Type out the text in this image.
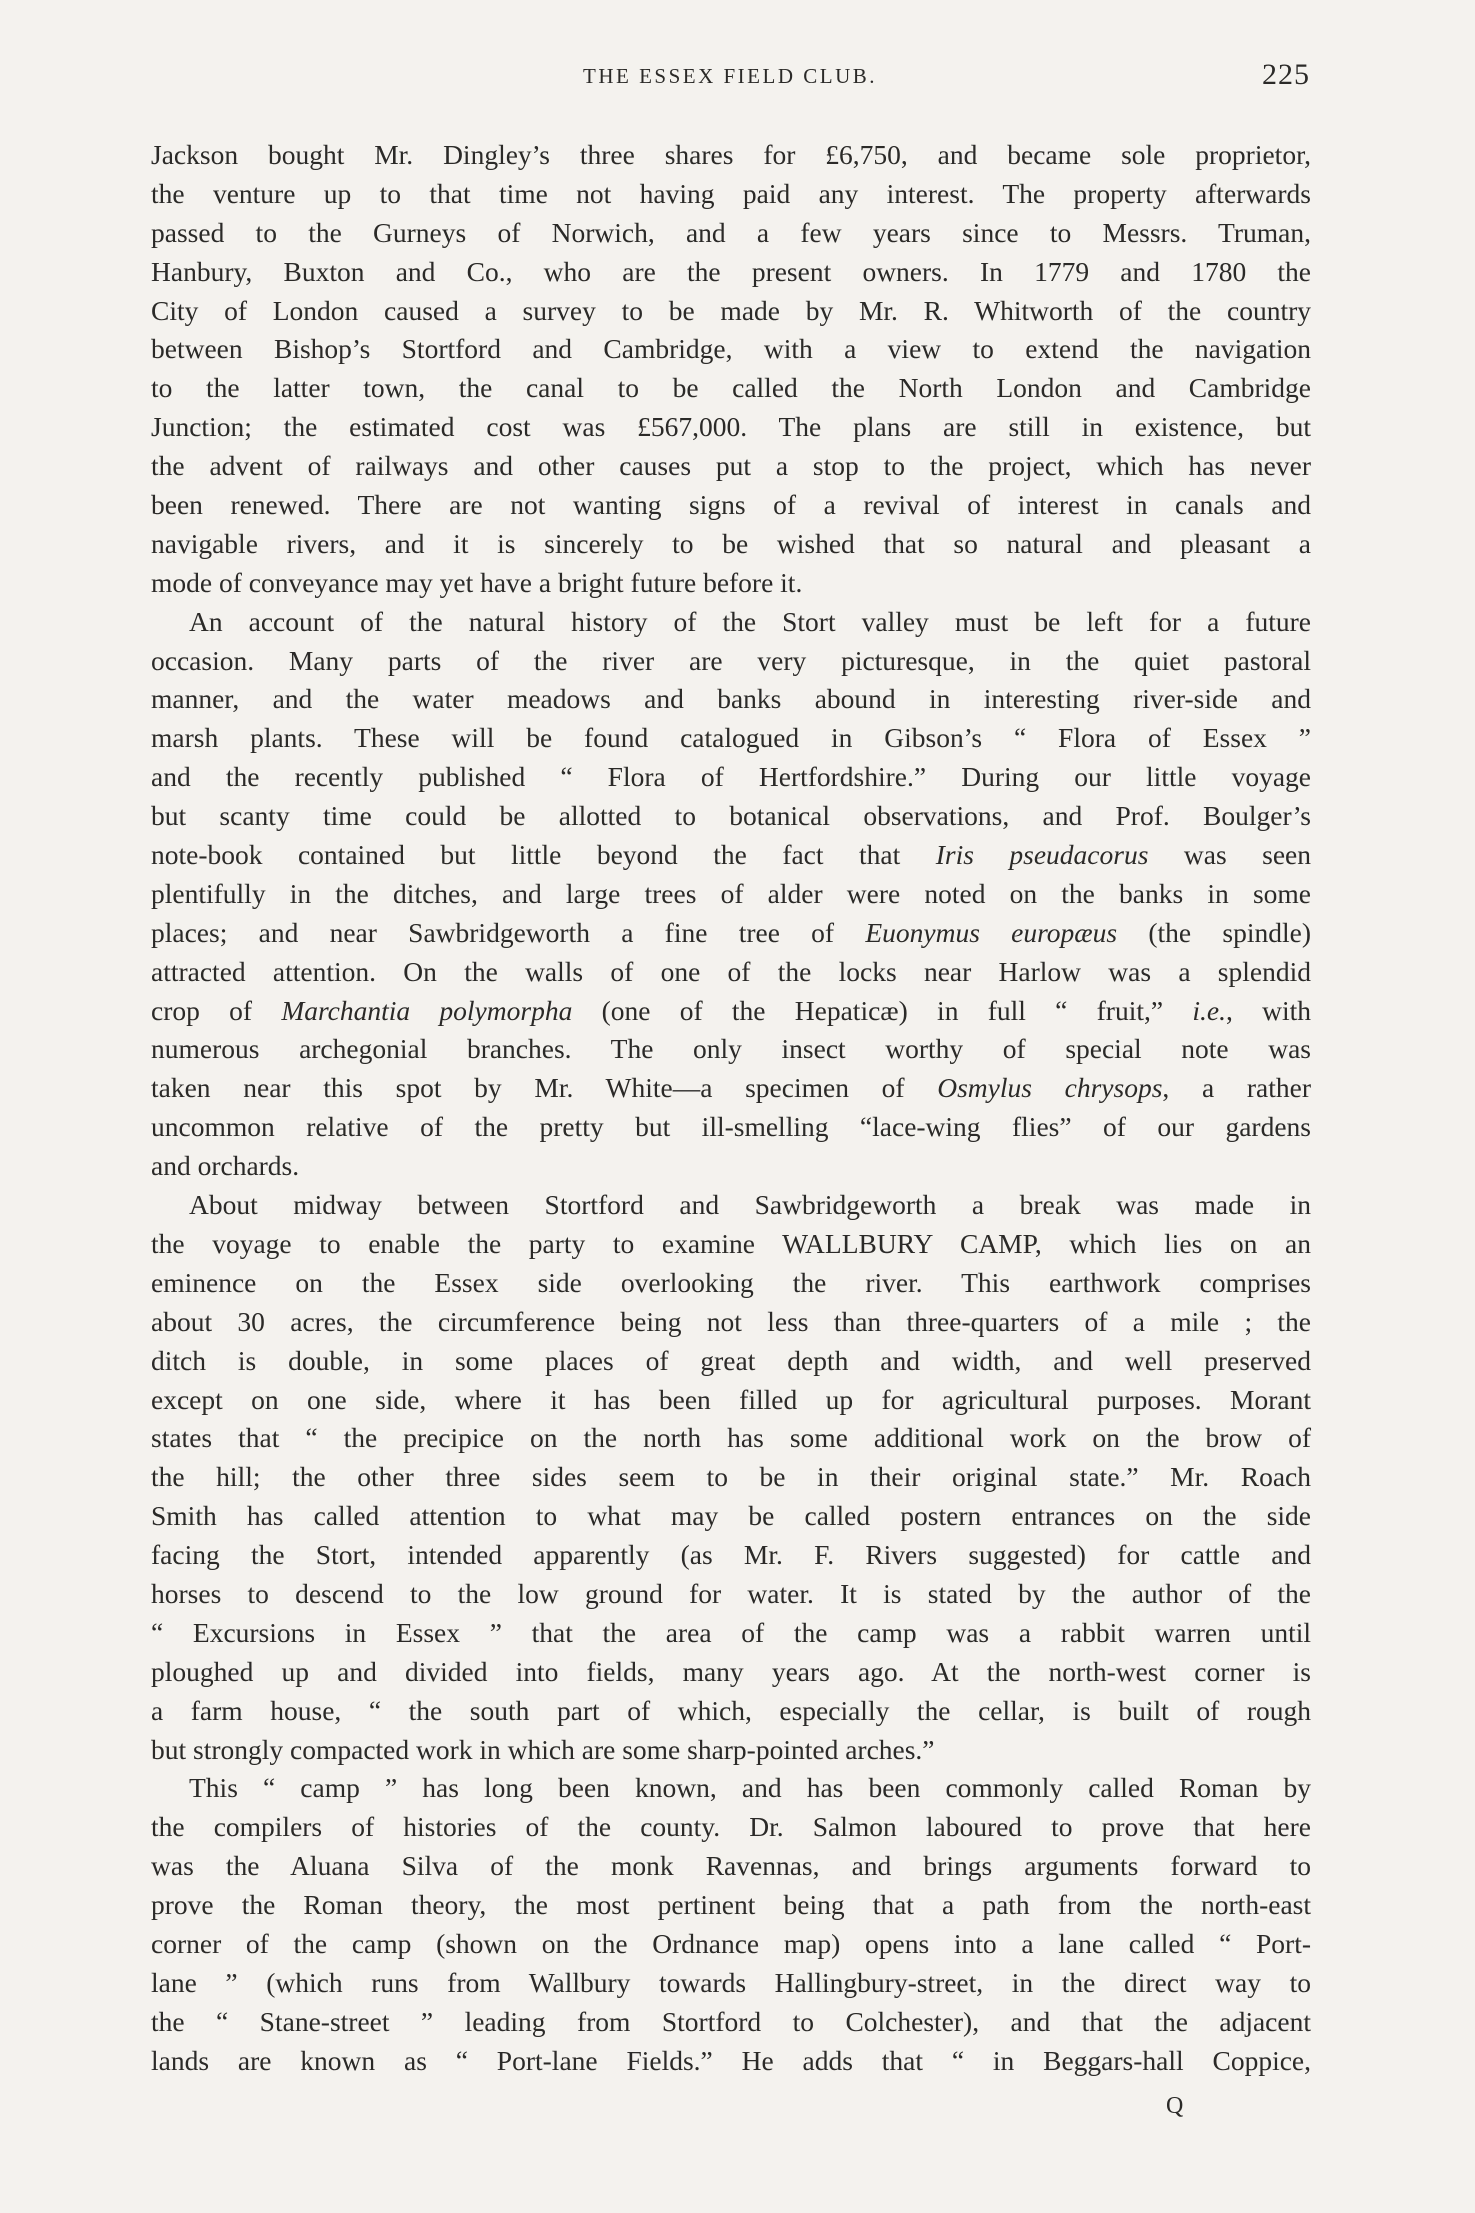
THE ESSEX FIELD CLUB.	225
Jackson bought Mr. Dingley’s three shares for £6,750, and became sole proprietor,
the venture up to that time not having paid any interest. The property afterwards
passed to the Gurneys of Norwich, and a few years since to Messrs. Truman,
Hanbury, Buxton and Co., who are the present owners. In 1779 and 1780 the
City of London caused a survey to be made by Mr. R. Whitworth of the country
between Bishop’s Stortford and Cambridge, with a view to extend the navigation
to the latter town, the canal to be called the North London and Cambridge
Junction; the estimated cost was £567,000. The plans are still in existence, but
the advent of railways and other causes put a stop to the project, which has never
been renewed. There are not wanting signs of a revival of interest in canals and
navigable rivers, and it is sincerely to be wished that so natural and pleasant a
mode of conveyance may yet have a bright future before it.
An account of the natural history of the Stort valley must be left for a future
occasion. Many parts of the river are very picturesque, in the quiet pastoral
manner, and the water meadows and banks abound in interesting river-side and
marsh plants. These will be found catalogued in Gibson’s “ Flora of Essex ”
and the recently published “ Flora of Hertfordshire.” During our little voyage
but scanty time could be allotted to botanical observations, and Prof. Boulger’s
note-book contained but little beyond the fact that Iris pseudacorus was seen
plentifully in the ditches, and large trees of alder were noted on the banks in some
places; and near Sawbridgeworth a fine tree of Euonymus europæus (the spindle)
attracted attention. On the walls of one of the locks near Harlow was a splendid
crop of Marchantia polymorpha (one of the Hepaticæ) in full “ fruit,” i.e., with
numerous archegonial branches. The only insect worthy of special note was
taken near this spot by Mr. White—a specimen of Osmylus chrysops, a rather
uncommon relative of the pretty but ill-smelling “lace-wing flies” of our gardens
and orchards.
About midway between Stortford and Sawbridgeworth a break was made in
the voyage to enable the party to examine WALLBURY CAMP, which lies on an
eminence on the Essex side overlooking the river. This earthwork comprises
about 30 acres, the circumference being not less than three-quarters of a mile ; the
ditch is double, in some places of great depth and width, and well preserved
except on one side, where it has been filled up for agricultural purposes. Morant
states that “ the precipice on the north has some additional work on the brow of
the hill; the other three sides seem to be in their original state.” Mr. Roach
Smith has called attention to what may be called postern entrances on the side
facing the Stort, intended apparently (as Mr. F. Rivers suggested) for cattle and
horses to descend to the low ground for water. It is stated by the author of the
“ Excursions in Essex ” that the area of the camp was a rabbit warren until
ploughed up and divided into fields, many years ago. At the north-west corner is
a farm house, “ the south part of which, especially the cellar, is built of rough
but strongly compacted work in which are some sharp-pointed arches.”
This “ camp ” has long been known, and has been commonly called Roman by
the compilers of histories of the county. Dr. Salmon laboured to prove that here
was the Aluana Silva of the monk Ravennas, and brings arguments forward to
prove the Roman theory, the most pertinent being that a path from the north-east
corner of the camp (shown on the Ordnance map) opens into a lane called “ Port-
lane ” (which runs from Wallbury towards Hallingbury-street, in the direct way to
the “ Stane-street ” leading from Stortford to Colchester), and that the adjacent
lands are known as “ Port-lane Fields.” He adds that “ in Beggars-hall Coppice,
Q
